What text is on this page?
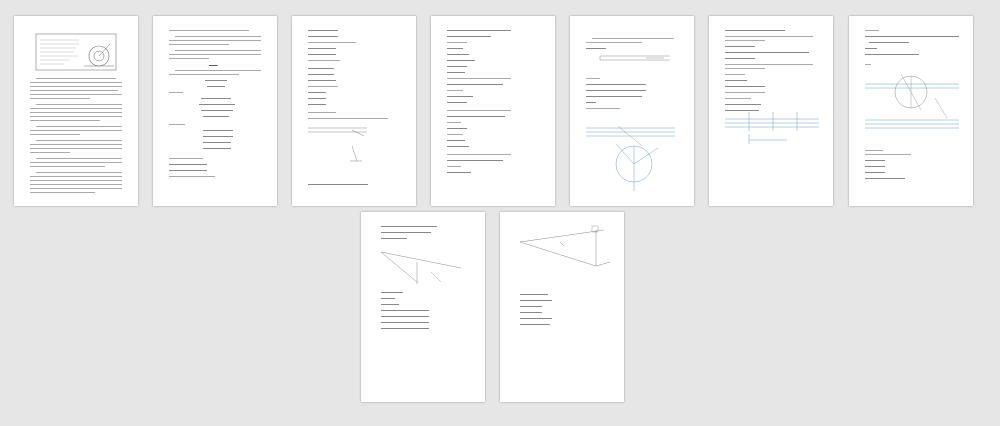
▬▬▬
